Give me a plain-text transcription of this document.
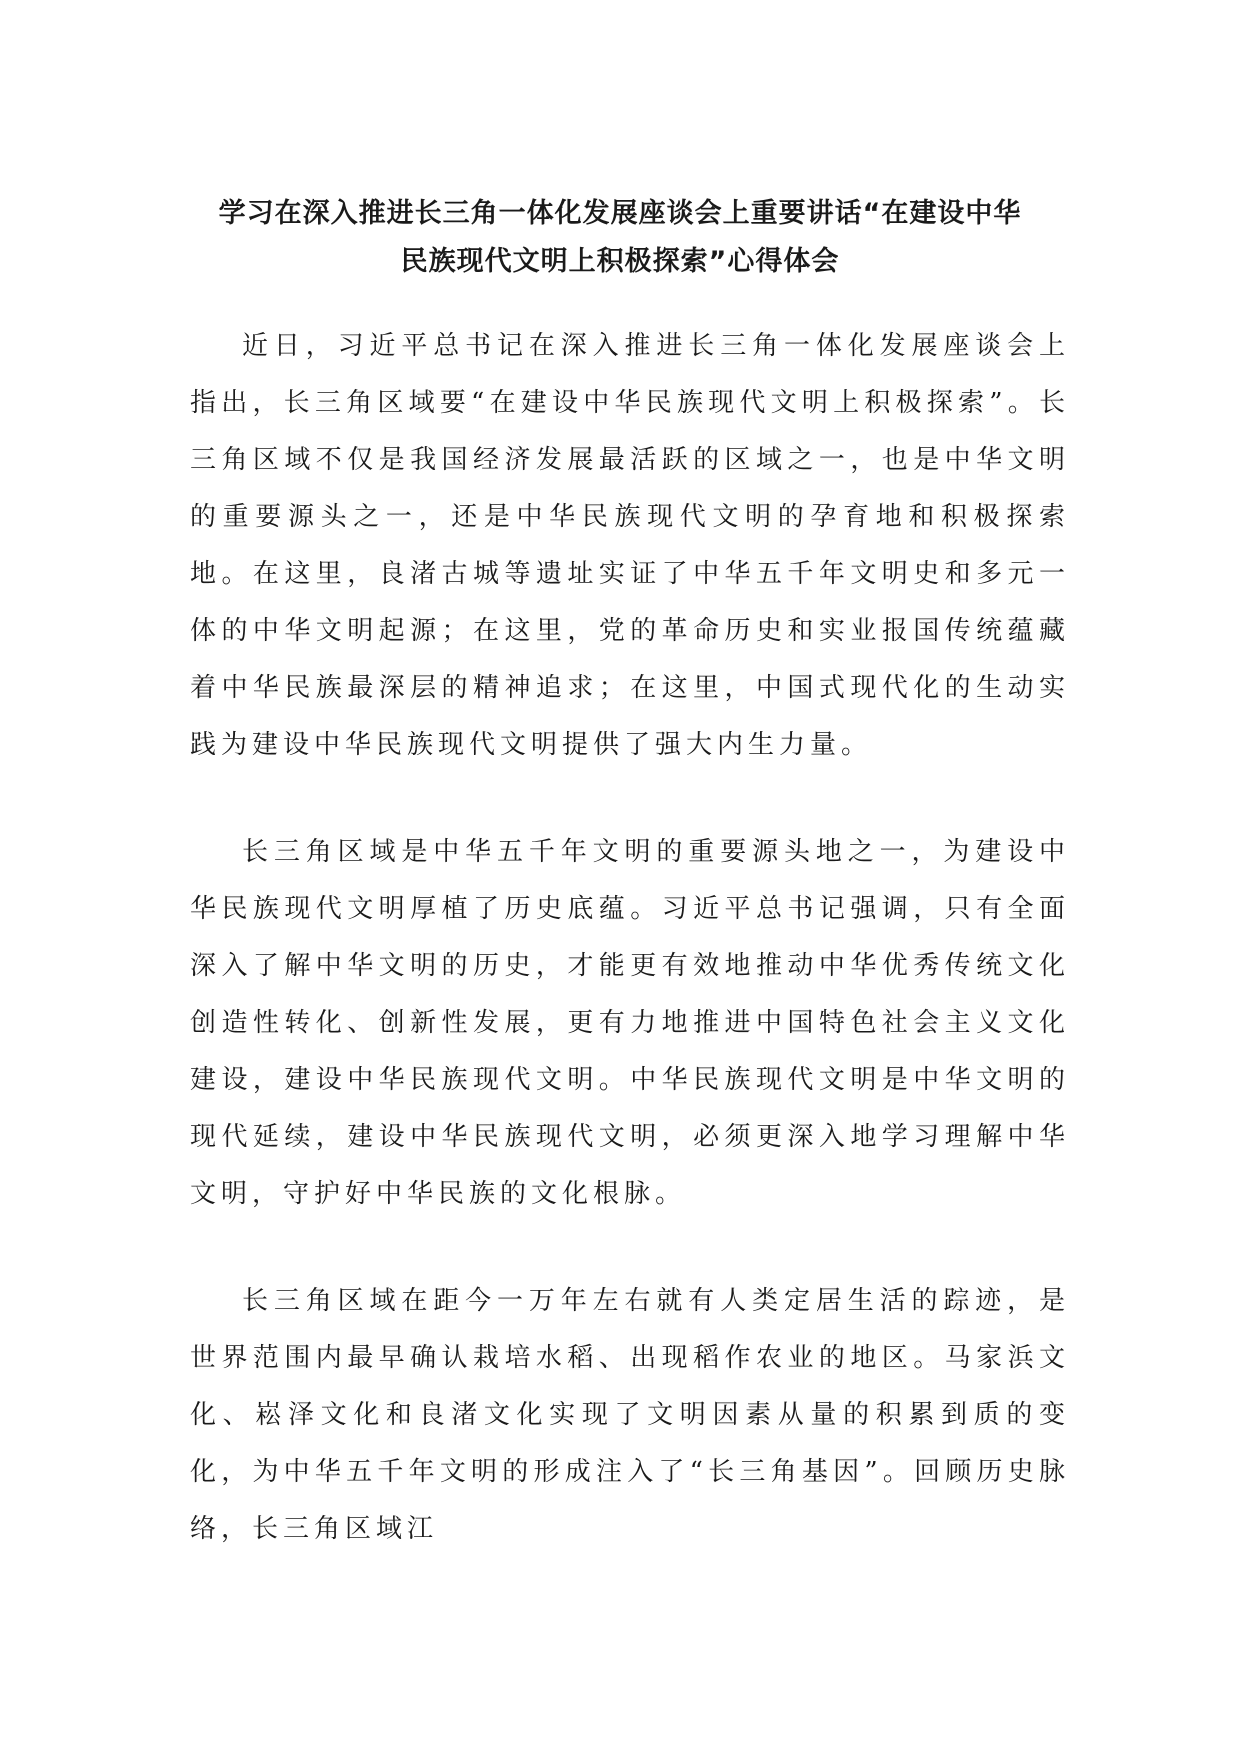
学习在深入推进长三角一体化发展座谈会上重要讲话“在建设中华
民族现代文明上积极探索”心得体会

近日，习近平总书记在深入推进长三角一体化发展座谈会上指出，长三角区域要“在建设中华民族现代文明上积极探索”。长三角区域不仅是我国经济发展最活跃的区域之一，也是中华文明的重要源头之一，还是中华民族现代文明的孕育地和积极探索地。在这里，良渚古城等遗址实证了中华五千年文明史和多元一体的中华文明起源；在这里，党的革命历史和实业报国传统蕴藏着中华民族最深层的精神追求；在这里，中国式现代化的生动实践为建设中华民族现代文明提供了强大内生力量。

长三角区域是中华五千年文明的重要源头地之一，为建设中华民族现代文明厚植了历史底蕴。习近平总书记强调，只有全面深入了解中华文明的历史，才能更有效地推动中华优秀传统文化创造性转化、创新性发展，更有力地推进中国特色社会主义文化建设，建设中华民族现代文明。中华民族现代文明是中华文明的现代延续，建设中华民族现代文明，必须更深入地学习理解中华文明，守护好中华民族的文化根脉。

长三角区域在距今一万年左右就有人类定居生活的踪迹，是世界范围内最早确认栽培水稻、出现稻作农业的地区。马家浜文化、崧泽文化和良渚文化实现了文明因素从量的积累到质的变化，为中华五千年文明的形成注入了“长三角基因”。回顾历史脉络，长三角区域江
